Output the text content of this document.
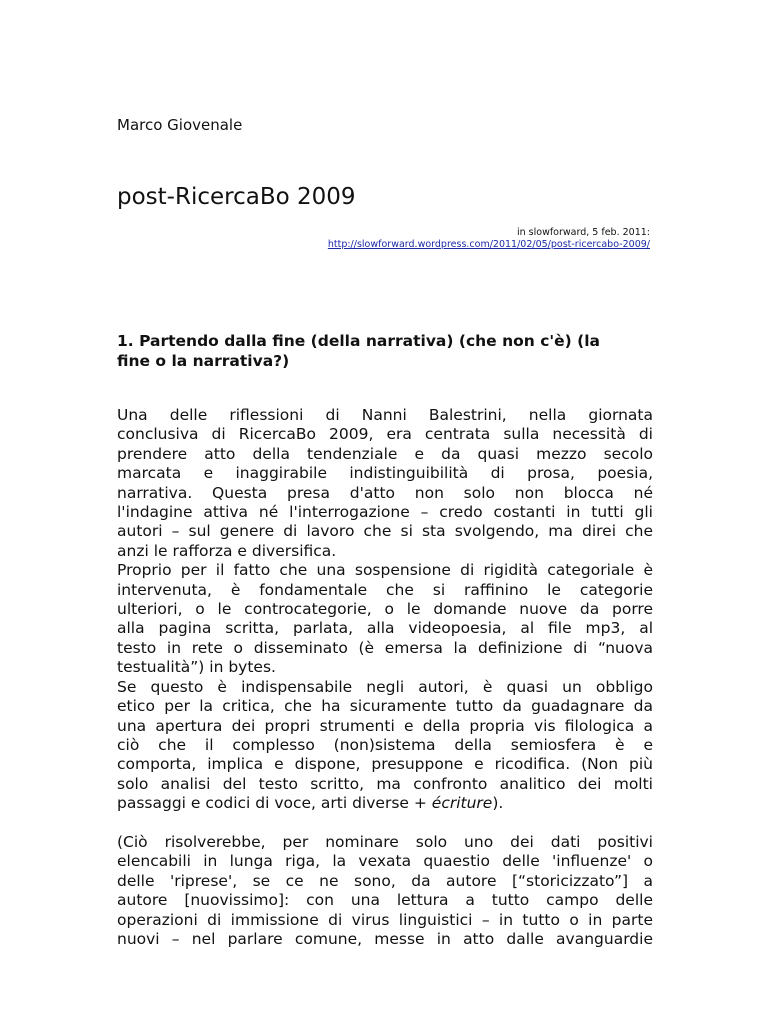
Marco Giovenale
post-RicercaBo 2009
in slowforward, 5 feb. 2011:
http://slowforward.wordpress.com/2011/02/05/post-ricercabo-2009/
1. Partendo dalla fine (della narrativa) (che non c'è) (la
fine o la narrativa?)

Una delle riflessioni di Nanni Balestrini, nella giornata
conclusiva di RicercaBo 2009, era centrata sulla necessità di
prendere atto della tendenziale e da quasi mezzo secolo
marcata e inaggirabile indistinguibilità di prosa, poesia,
narrativa. Questa presa d'atto non solo non blocca né
l'indagine attiva né l'interrogazione – credo costanti in tutti gli
autori – sul genere di lavoro che si sta svolgendo, ma direi che
anzi le rafforza e diversifica.

Proprio per il fatto che una sospensione di rigidità categoriale è
intervenuta, è fondamentale che si raffinino le categorie
ulteriori, o le controcategorie, o le domande nuove da porre
alla pagina scritta, parlata, alla videopoesia, al file mp3, al
testo in rete o disseminato (è emersa la definizione di “nuova
testualità”) in bytes.

Se questo è indispensabile negli autori, è quasi un obbligo
etico per la critica, che ha sicuramente tutto da guadagnare da
una apertura dei propri strumenti e della propria vis filologica a
ciò che il complesso (non)sistema della semiosfera è e
comporta, implica e dispone, presuppone e ricodifica. (Non più
solo analisi del testo scritto, ma confronto analitico dei molti
passaggi e codici di voce, arti diverse + écriture).

(Ciò risolverebbe, per nominare solo uno dei dati positivi
elencabili in lunga riga, la vexata quaestio delle 'influenze' o
delle 'riprese', se ce ne sono, da autore [“storicizzato”] a
autore [nuovissimo]: con una lettura a tutto campo delle
operazioni di immissione di virus linguistici – in tutto o in parte
nuovi – nel parlare comune, messe in atto dalle avanguardie
